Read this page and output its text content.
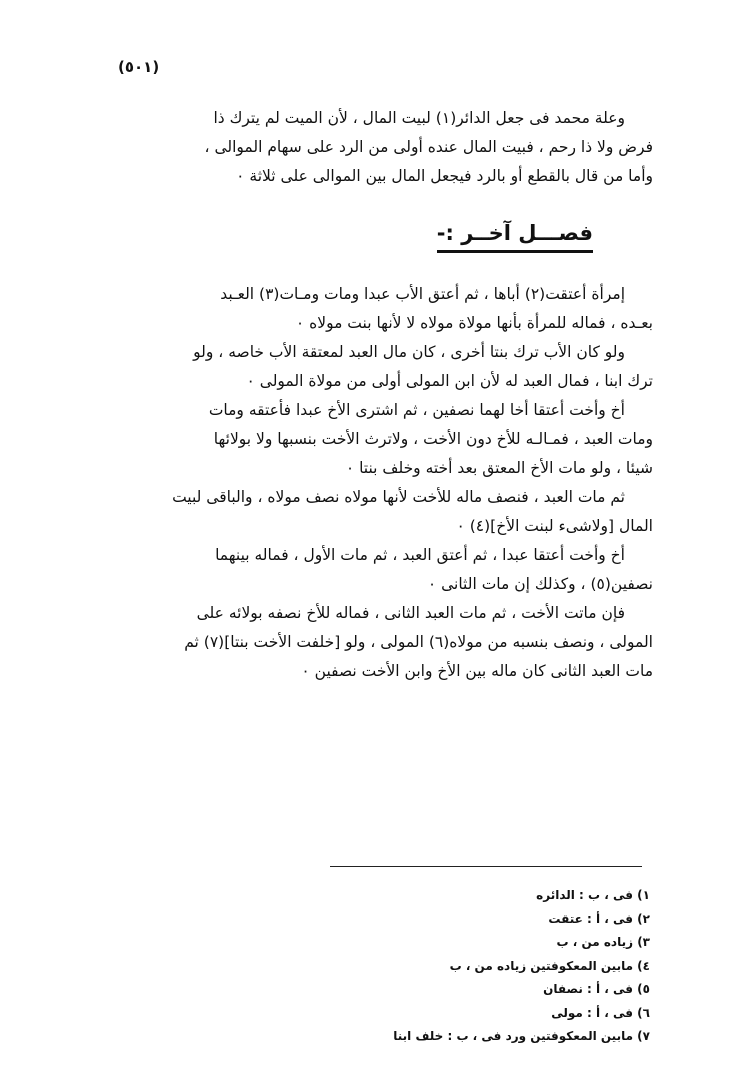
(٥٠١)
وعلة محمد فى جعل الدائر(١) لبيت المال ، لأن الميت لم يترك ذا
فرض ولا ذا رحم ، فبيت المال عنده أولى من الرد على سهام الموالى ،
وأما من قال بالقطع أو بالرد فيجعل المال بين الموالى على ثلاثة ٠
فصـــل آخــر :-
إمرأة أعتقت(٢) أباها ، ثم أعتق الأب عبدا ومات ومـات(٣) العـبد
بعـده ، فماله للمرأة بأنها مولاة مولاه لا لأنها بنت مولاه ٠
ولو كان الأب ترك بنتا أخرى ، كان مال العبد لمعتقة الأب خاصه ، ولو
ترك ابنا ، فمال العبد له لأن ابن المولى أولى من مولاة المولى ٠
أخ وأخت أعتقا أخا لهما نصفين ، ثم اشترى الأخ عبدا فأعتقه ومات
ومات العبد ، فمـالـه للأخ دون الأخت ، ولاترث الأخت بنسبها ولا بولائها
شيئا ، ولو مات الأخ المعتق بعد أخته وخلف بنتا ٠
ثم مات العبد ، فنصف ماله للأخت لأنها مولاه نصف مولاه ، والباقى لبيت
المال [ولاشىء لبنت الأخ](٤) ٠
أخ وأخت أعتقا عبدا ، ثم أعتق العبد ، ثم مات الأول ، فماله بينهما
نصفين(٥) ، وكذلك إن مات الثانى ٠
فإن ماتت الأخت ، ثم مات العبد الثانى ، فماله للأخ نصفه بولائه على
المولى ، ونصف بنسبه من مولاه(٦) المولى ، ولو [خلفت الأخت بنتا](٧) ثم
مات العبد الثانى كان ماله بين الأخ وابن الأخت نصفين ٠
١) فى ، ب : الدائره
٢) فى ، أ : عتقت
٣) زياده من ، ب
٤) مابين المعكوفتين زياده من ، ب
٥) فى ، أ : نصفان
٦) فى ، أ : مولى
٧) مابين المعكوفتين ورد فى ، ب : خلف ابنا
